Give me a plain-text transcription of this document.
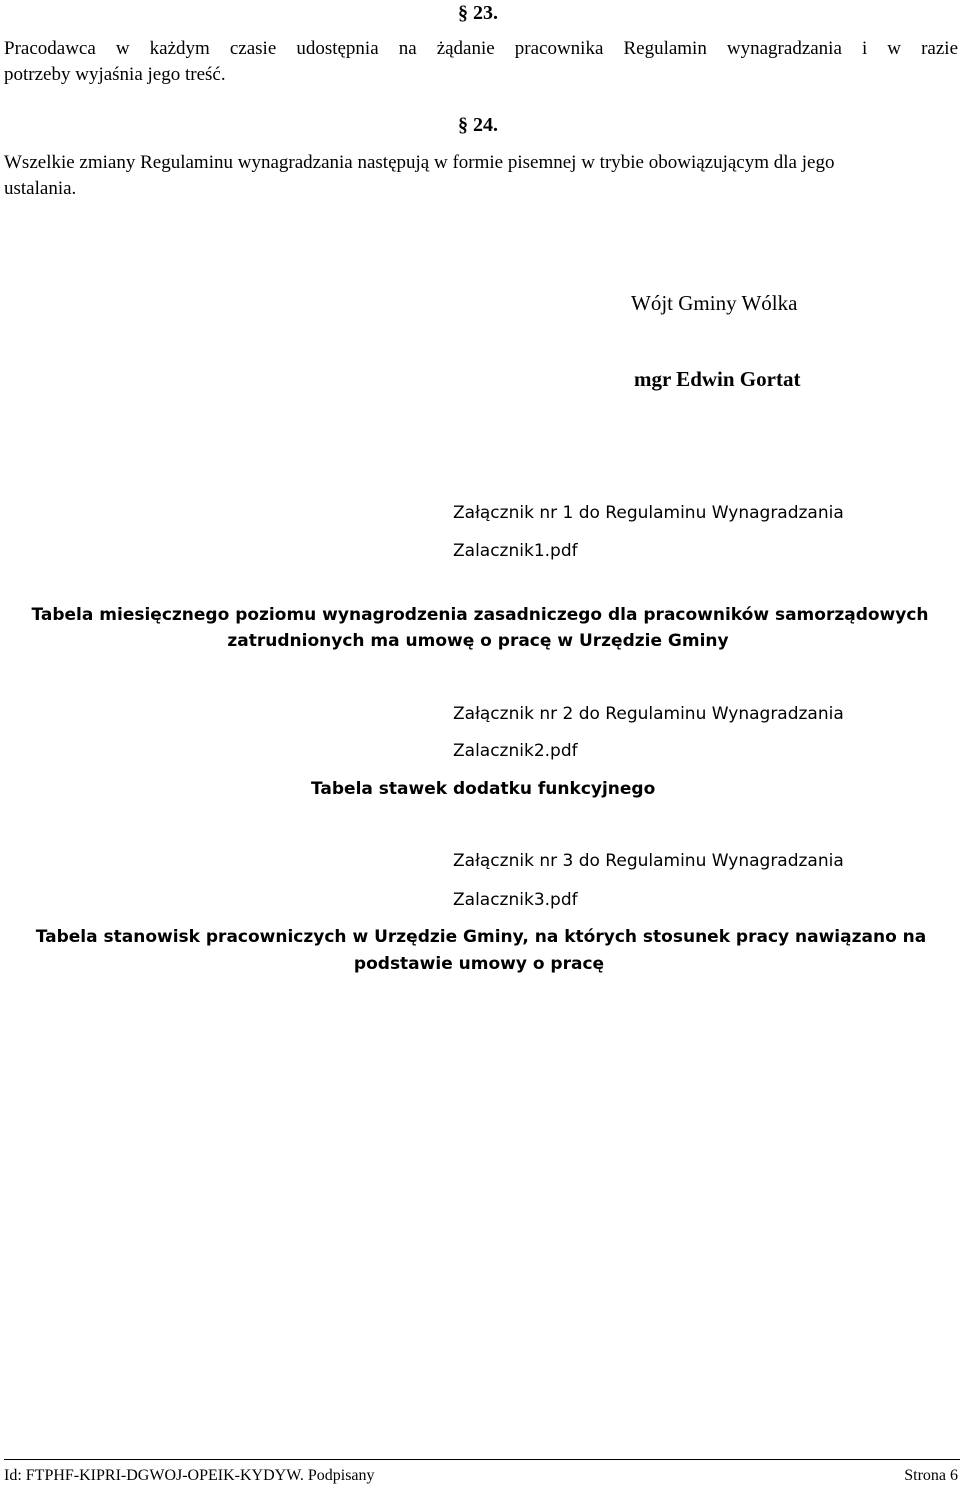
§ 23.
Pracodawca w każdym czasie udostępnia na żądanie pracownika Regulamin wynagradzania i w razie
potrzeby wyjaśnia jego treść.
§ 24.
Wszelkie zmiany Regulaminu wynagradzania następują w formie pisemnej w trybie obowiązującym dla jego
ustalania.
Wójt Gminy Wólka
mgr Edwin Gortat
Załącznik nr 1 do Regulaminu Wynagradzania
Zalacznik1.pdf
Tabela miesięcznego poziomu wynagrodzenia zasadniczego dla pracowników samorządowych
zatrudnionych ma umowę o pracę w Urzędzie Gminy
Załącznik nr 2 do Regulaminu Wynagradzania
Zalacznik2.pdf
Tabela stawek dodatku funkcyjnego
Załącznik nr 3 do Regulaminu Wynagradzania
Zalacznik3.pdf
Tabela stanowisk pracowniczych w Urzędzie Gminy, na których stosunek pracy nawiązano na
podstawie umowy o pracę
Id: FTPHF-KIPRI-DGWOJ-OPEIK-KYDYW. Podpisany	Strona 6
